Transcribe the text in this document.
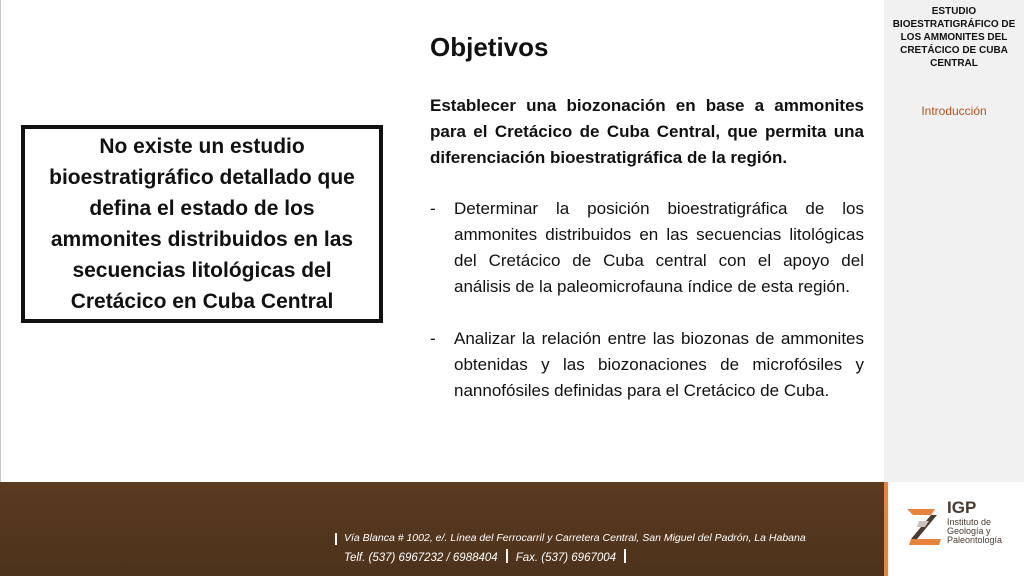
ESTUDIO BIOESTRATIGRÁFICO DE LOS AMMONITES DEL CRETÁCICO DE CUBA CENTRAL
Introducción
No existe un estudio bioestratigráfico detallado que defina el estado de los ammonites distribuidos en las secuencias litológicas del Cretácico en Cuba Central
Objetivos
Establecer una biozonación en base a ammonites para el Cretácico de Cuba Central, que permita una diferenciación bioestratigráfica de la región.
-	Determinar la posición bioestratigráfica de los ammonites distribuidos en las secuencias litológicas del Cretácico de Cuba central con el apoyo del análisis de la paleomicrofauna índice de esta región.
-	Analizar la relación entre las biozonas de ammonites obtenidas y las biozonaciones de microfósiles y nannofósiles definidas para el Cretácico de Cuba.
Vía Blanca # 1002, e/. Línea del Ferrocarril y Carretera Central, San Miguel del Padrón, La Habana
Telf. (537) 6967232 / 6988404 Fax. (537) 6967004
IGP
Instituto de Geología y Paleontología
